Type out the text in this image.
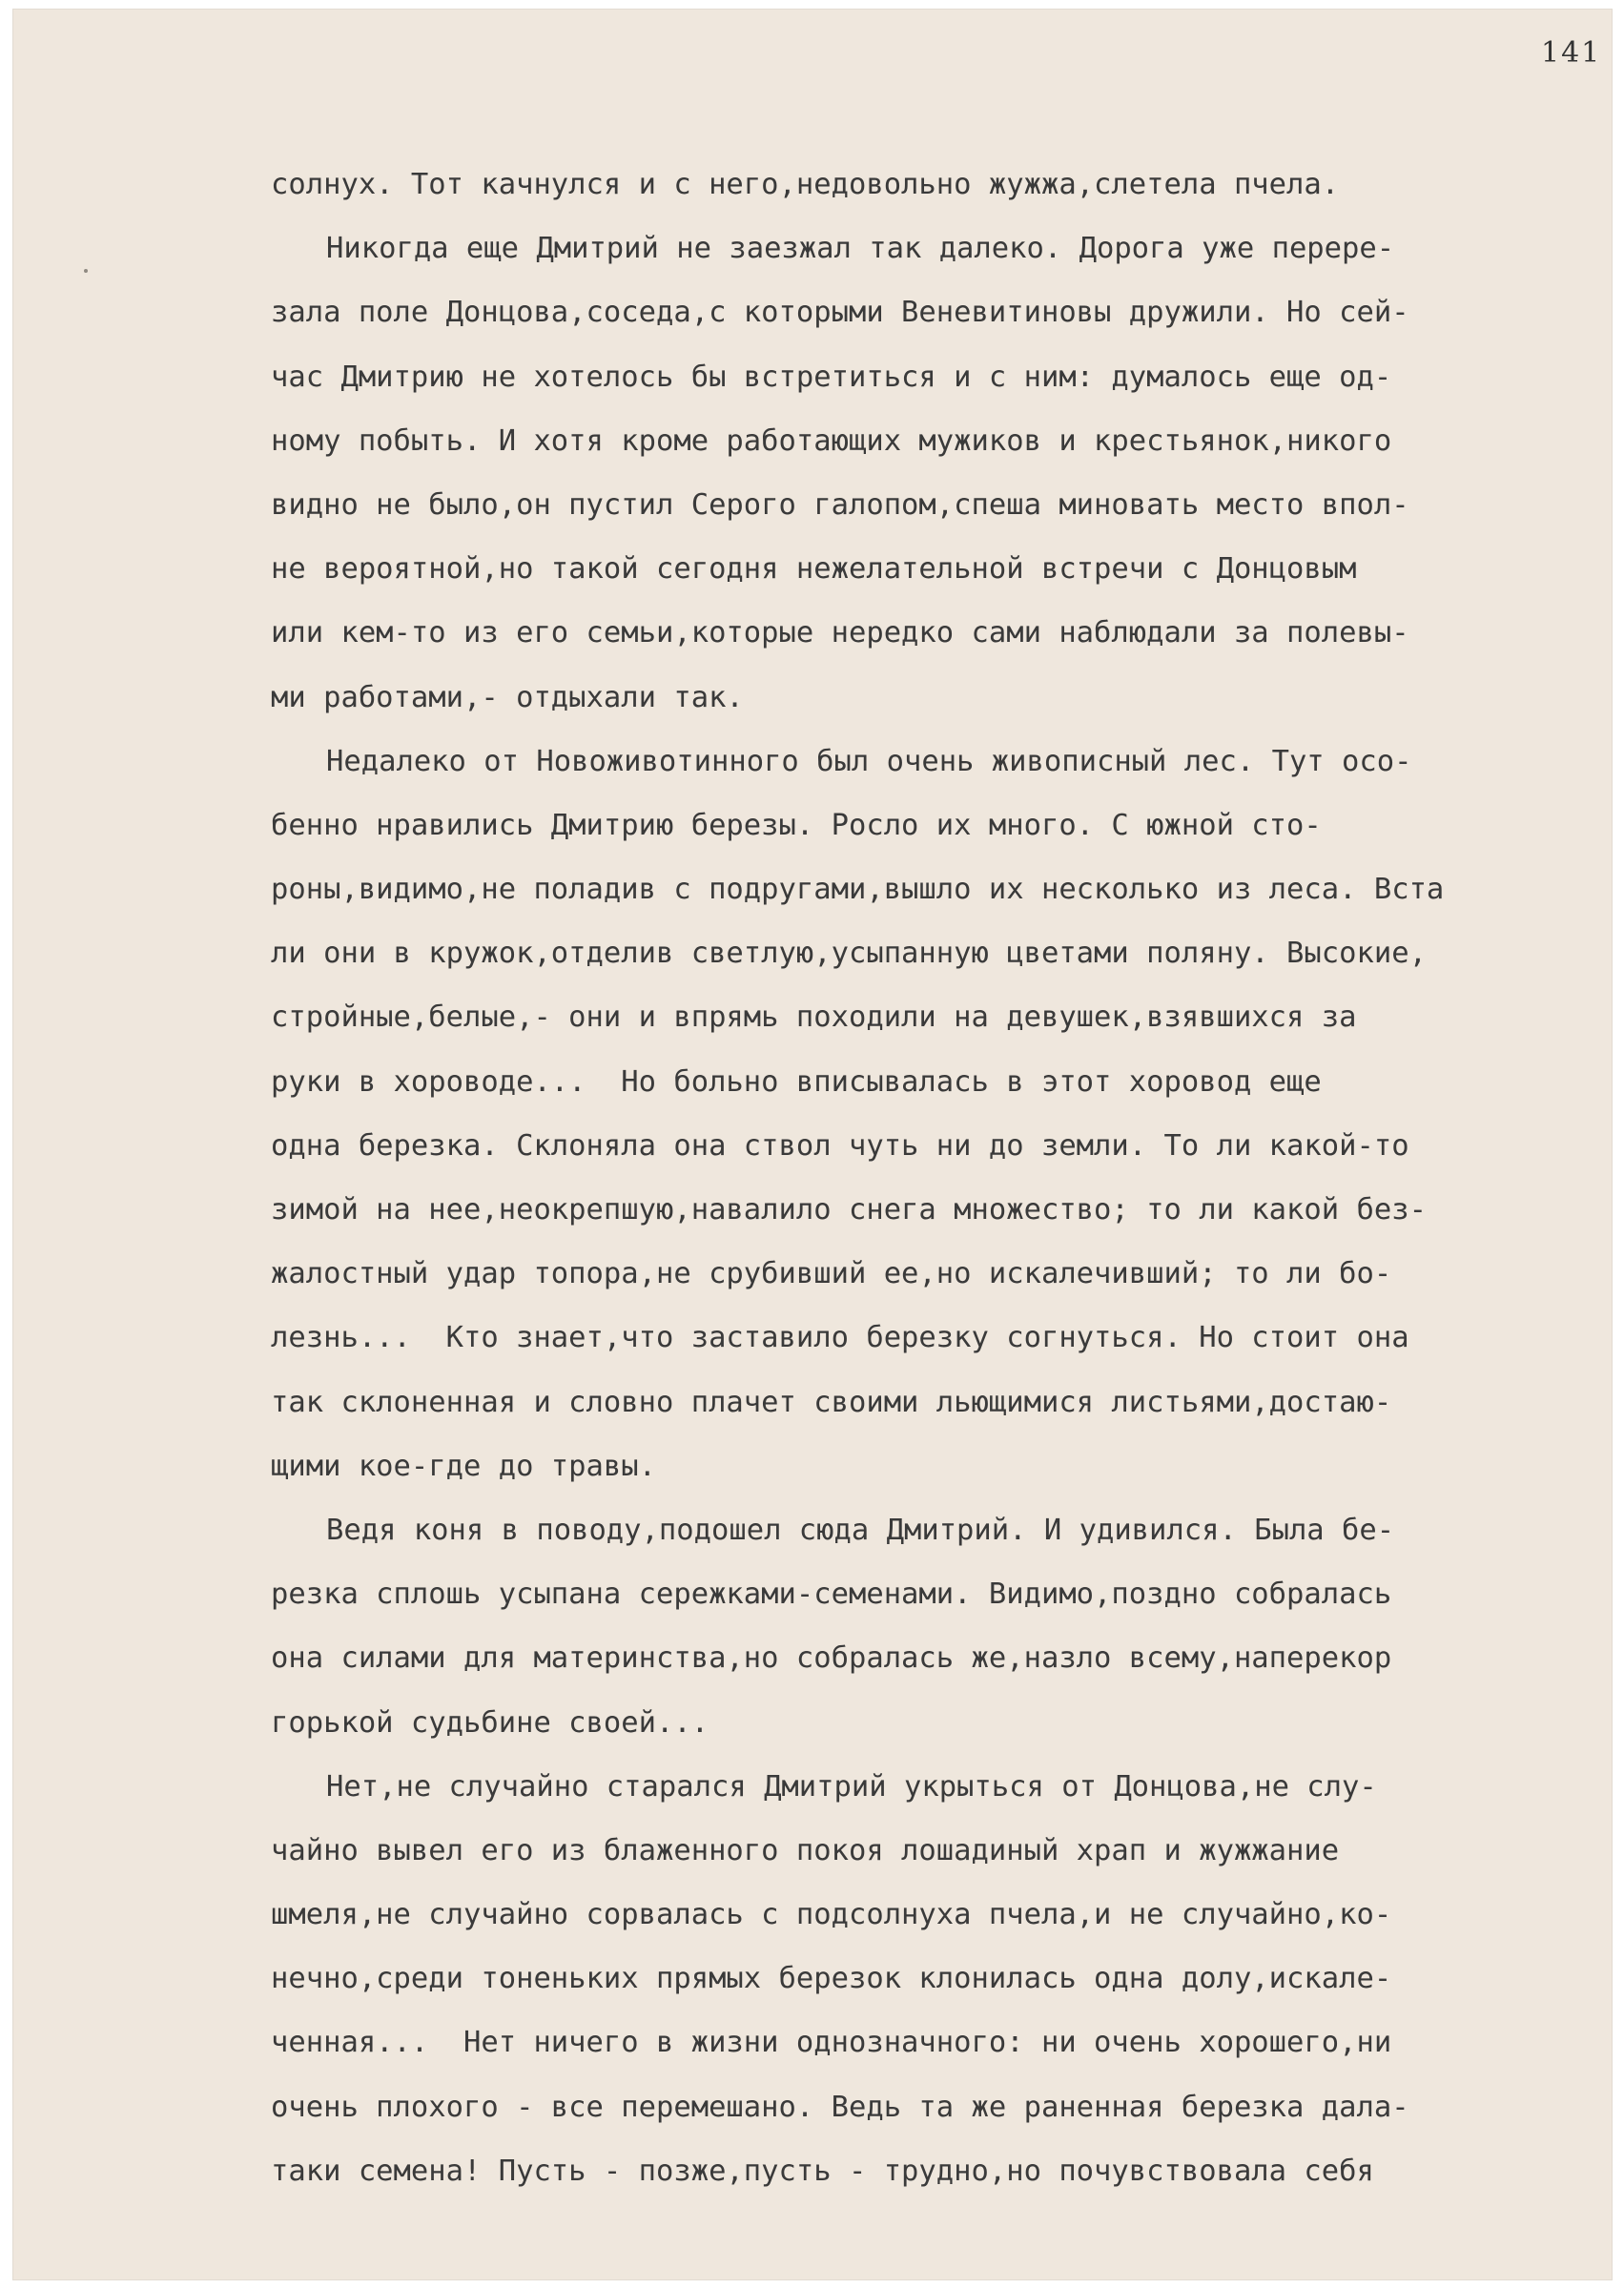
141
солнух. Тот качнулся и с него,недовольно жужжа,слетела пчела.
Никогда еще Дмитрий не заезжал так далеко. Дорога уже перере-
зала поле Донцова,соседа,с которыми Веневитиновы дружили. Но сей-
час Дмитрию не хотелось бы встретиться и с ним: думалось еще од-
ному побыть. И хотя кроме работающих мужиков и крестьянок,никого
видно не было,он пустил Серого галопом,спеша миновать место впол-
не вероятной,но такой сегодня нежелательной встречи с Донцовым
или кем-то из его семьи,которые нередко сами наблюдали за полевы-
ми работами,- отдыхали так.
Недалеко от Новоживотинного был очень живописный лес. Тут осо-
бенно нравились Дмитрию березы. Росло их много. С южной сто-
роны,видимо,не поладив с подругами,вышло их несколько из леса. Вста
ли они в кружок,отделив светлую,усыпанную цветами поляну. Высокие,
стройные,белые,- они и впрямь походили на девушек,взявшихся за
руки в хороводе...  Но больно вписывалась в этот хоровод еще
одна березка. Склоняла она ствол чуть ни до земли. То ли какой-то
зимой на нее,неокрепшую,навалило снега множество; то ли какой без-
жалостный удар топора,не срубивший ее,но искалечивший; то ли бо-
лезнь...  Кто знает,что заставило березку согнуться. Но стоит она
так склоненная и словно плачет своими льющимися листьями,достаю-
щими кое-где до травы.
Ведя коня в поводу,подошел сюда Дмитрий. И удивился. Была бе-
резка сплошь усыпана сережками-семенами. Видимо,поздно собралась
она силами для материнства,но собралась же,назло всему,наперекор
горькой судьбине своей...
Нет,не случайно старался Дмитрий укрыться от Донцова,не слу-
чайно вывел его из блаженного покоя лошадиный храп и жужжание
шмеля,не случайно сорвалась с подсолнуха пчела,и не случайно,ко-
нечно,среди тоненьких прямых березок клонилась одна долу,искале-
ченная...  Нет ничего в жизни однозначного: ни очень хорошего,ни
очень плохого - все перемешано. Ведь та же раненная березка дала-
таки семена! Пусть - позже,пусть - трудно,но почувствовала себя
